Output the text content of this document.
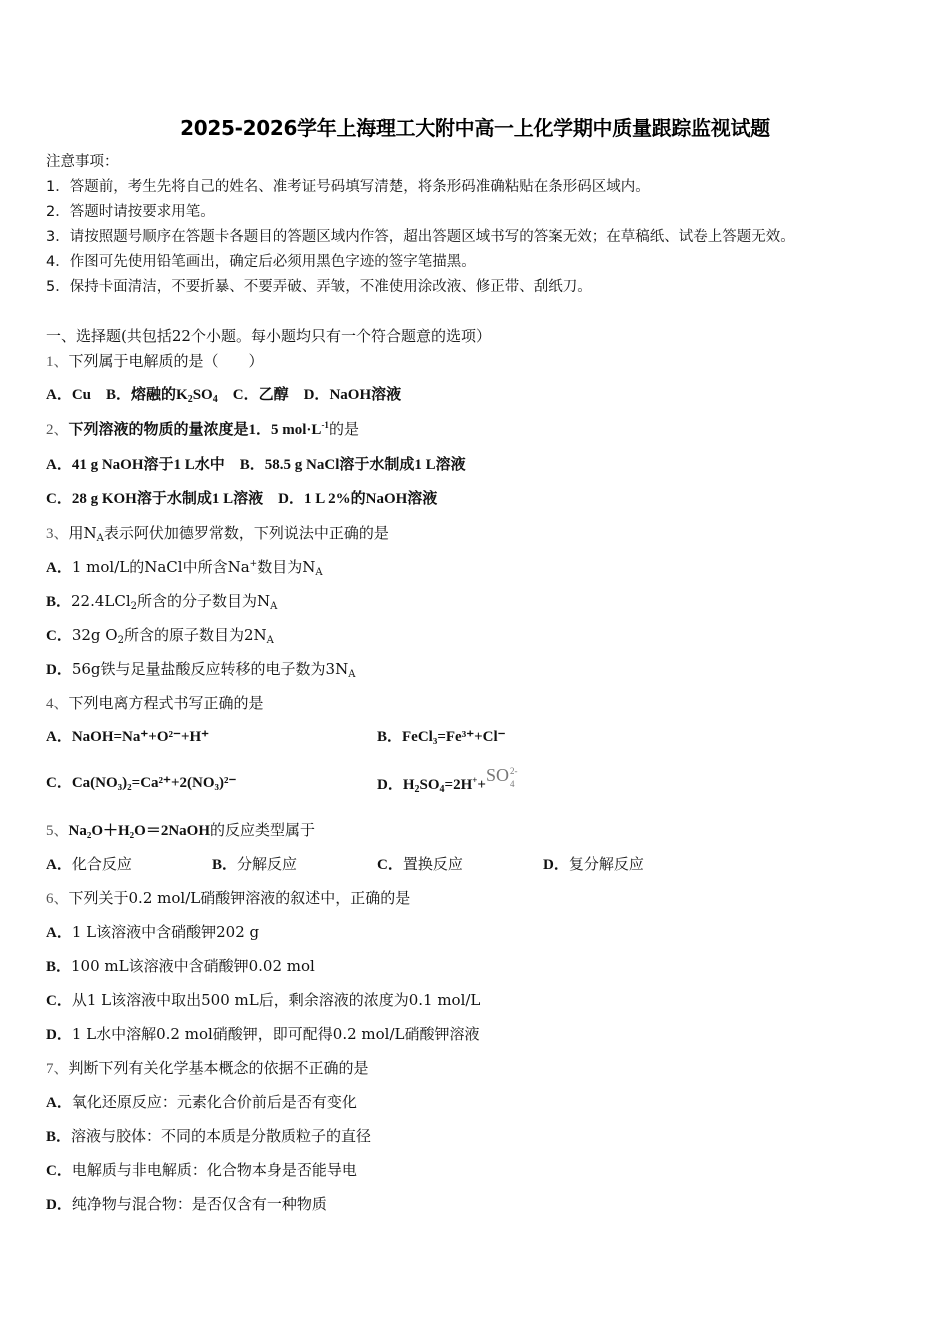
2025-2026学年上海理工大附中高一上化学期中质量跟踪监视试题
注意事项：
1．答题前，考生先将自己的姓名、准考证号码填写清楚，将条形码准确粘贴在条形码区域内。
2．答题时请按要求用笔。
3．请按照题号顺序在答题卡各题目的答题区域内作答，超出答题区域书写的答案无效；在草稿纸、试卷上答题无效。
4．作图可先使用铅笔画出，确定后必须用黑色字迹的签字笔描黑。
5．保持卡面清洁，不要折暴、不要弄破、弄皱，不准使用涂改液、修正带、刮纸刀。
一、选择题(共包括22个小题。每小题均只有一个符合题意的选项）
1、下列属于电解质的是（　　）
A．Cu B．熔融的$K_2SO_4$ C．乙醇 D．NaOH溶液
2、下列溶液的物质的量浓度是1．5 $mol\cdot L^{-1}$的是
A．41 g NaOH溶于1 L水中 B．58.5 g NaCl溶于水制成1 L溶液
C．28 g KOH溶于水制成1 L溶液 D．1 L 2%的NaOH溶液
3、用$N_A$表示阿伏加德罗常数，下列说法中正确的是
A．1 mol/L的NaCl中所含Na+数目为$N_A$
B．22.4LCl$_2$所含的分子数目为$N_A$
C．32g $O_2$所含的原子数目为$2N_A$
D．56g铁与足量盐酸反应转移的电子数为$3N_A$
4、下列电离方程式书写正确的是
A．NaOH=Na⁺+O²⁻+H⁺	B．FeCl₃=Fe³⁺+Cl⁻
C．Ca(NO₃)₂=Ca²⁺+2(NO₃)²⁻	D．$H_2SO_4=2H^++SO$ 2-
4
5、Na₂O＋H₂O＝2NaOH的反应类型属于
A．化合反应	B．分解反应	C．置换反应	D．复分解反应
6、下列关于0.2 mol/L硝酸钾溶液的叙述中，正确的是
A．1 L该溶液中含硝酸钾202 g
B．100 mL该溶液中含硝酸钾0.02 mol
C．从1 L该溶液中取出500 mL后，剩余溶液的浓度为0.1 mol/L
D．1 L水中溶解0.2 mol硝酸钾，即可配得0.2 mol/L硝酸钾溶液
7、判断下列有关化学基本概念的依据不正确的是
A．氧化还原反应：元素化合价前后是否有变化
B．溶液与胶体：不同的本质是分散质粒子的直径
C．电解质与非电解质：化合物本身是否能导电
D．纯净物与混合物：是否仅含有一种物质
